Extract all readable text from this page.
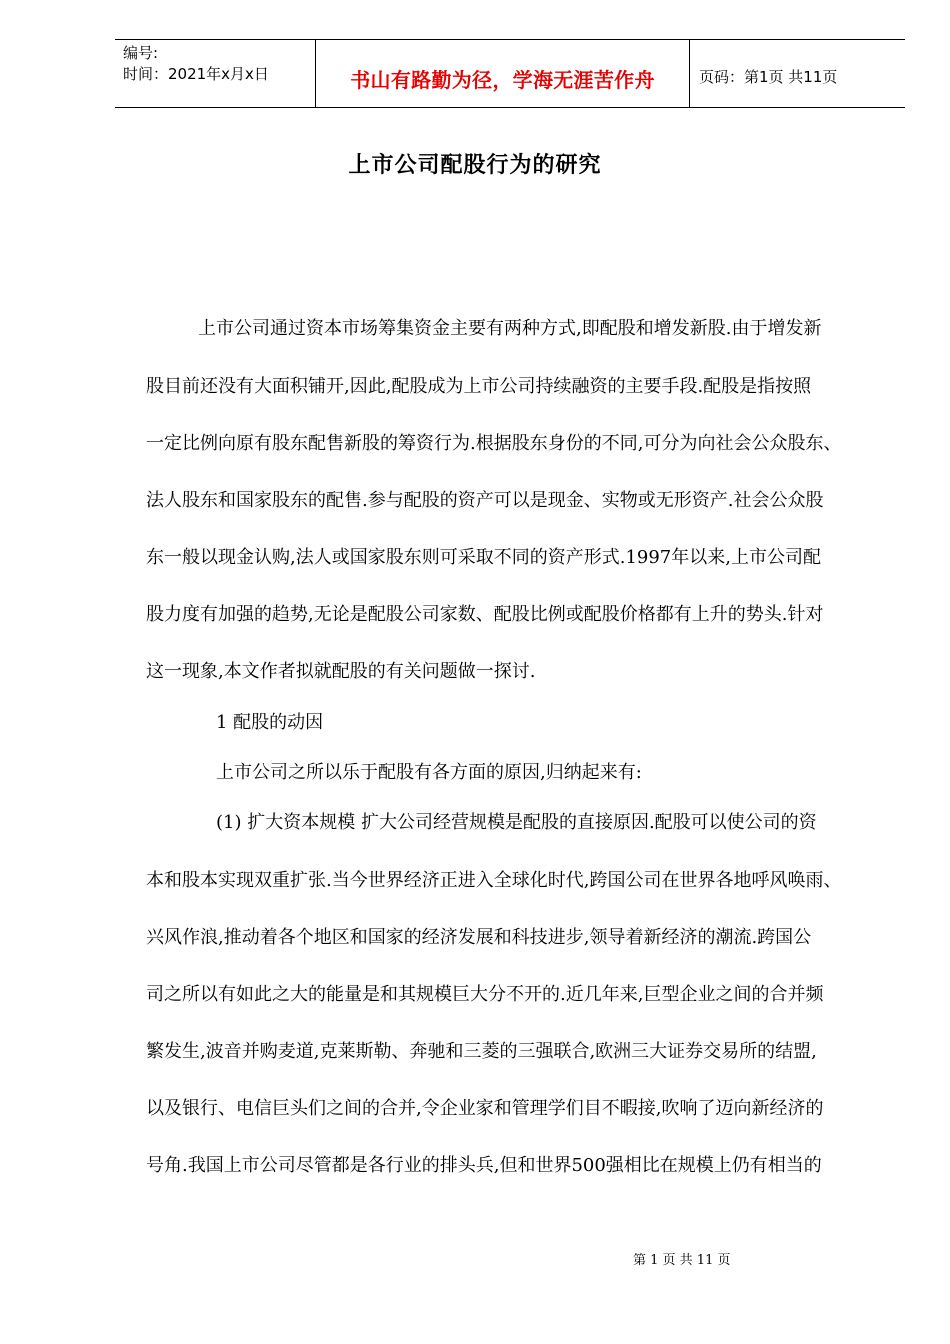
编号:
时间：2021年x月x日	书山有路勤为径，学海无涯苦作舟	页码：第1页 共11页
上市公司配股行为的研究
上市公司通过资本市场筹集资金主要有两种方式,即配股和增发新股.由于增发新
股目前还没有大面积铺开,因此,配股成为上市公司持续融资的主要手段.配股是指按照
一定比例向原有股东配售新股的筹资行为.根据股东身份的不同,可分为向社会公众股东、
法人股东和国家股东的配售.参与配股的资产可以是现金、实物或无形资产.社会公众股
东一般以现金认购,法人或国家股东则可采取不同的资产形式.1997年以来,上市公司配
股力度有加强的趋势,无论是配股公司家数、配股比例或配股价格都有上升的势头.针对
这一现象,本文作者拟就配股的有关问题做一探讨.
1 配股的动因
上市公司之所以乐于配股有各方面的原因,归纳起来有:
(1) 扩大资本规模 扩大公司经营规模是配股的直接原因.配股可以使公司的资
本和股本实现双重扩张.当今世界经济正进入全球化时代,跨国公司在世界各地呼风唤雨、
兴风作浪,推动着各个地区和国家的经济发展和科技进步,领导着新经济的潮流.跨国公
司之所以有如此之大的能量是和其规模巨大分不开的.近几年来,巨型企业之间的合并频
繁发生,波音并购麦道,克莱斯勒、奔驰和三菱的三强联合,欧洲三大证券交易所的结盟,
以及银行、电信巨头们之间的合并,令企业家和管理学们目不暇接,吹响了迈向新经济的
号角.我国上市公司尽管都是各行业的排头兵,但和世界500强相比在规模上仍有相当的
第 1 页 共 11 页
